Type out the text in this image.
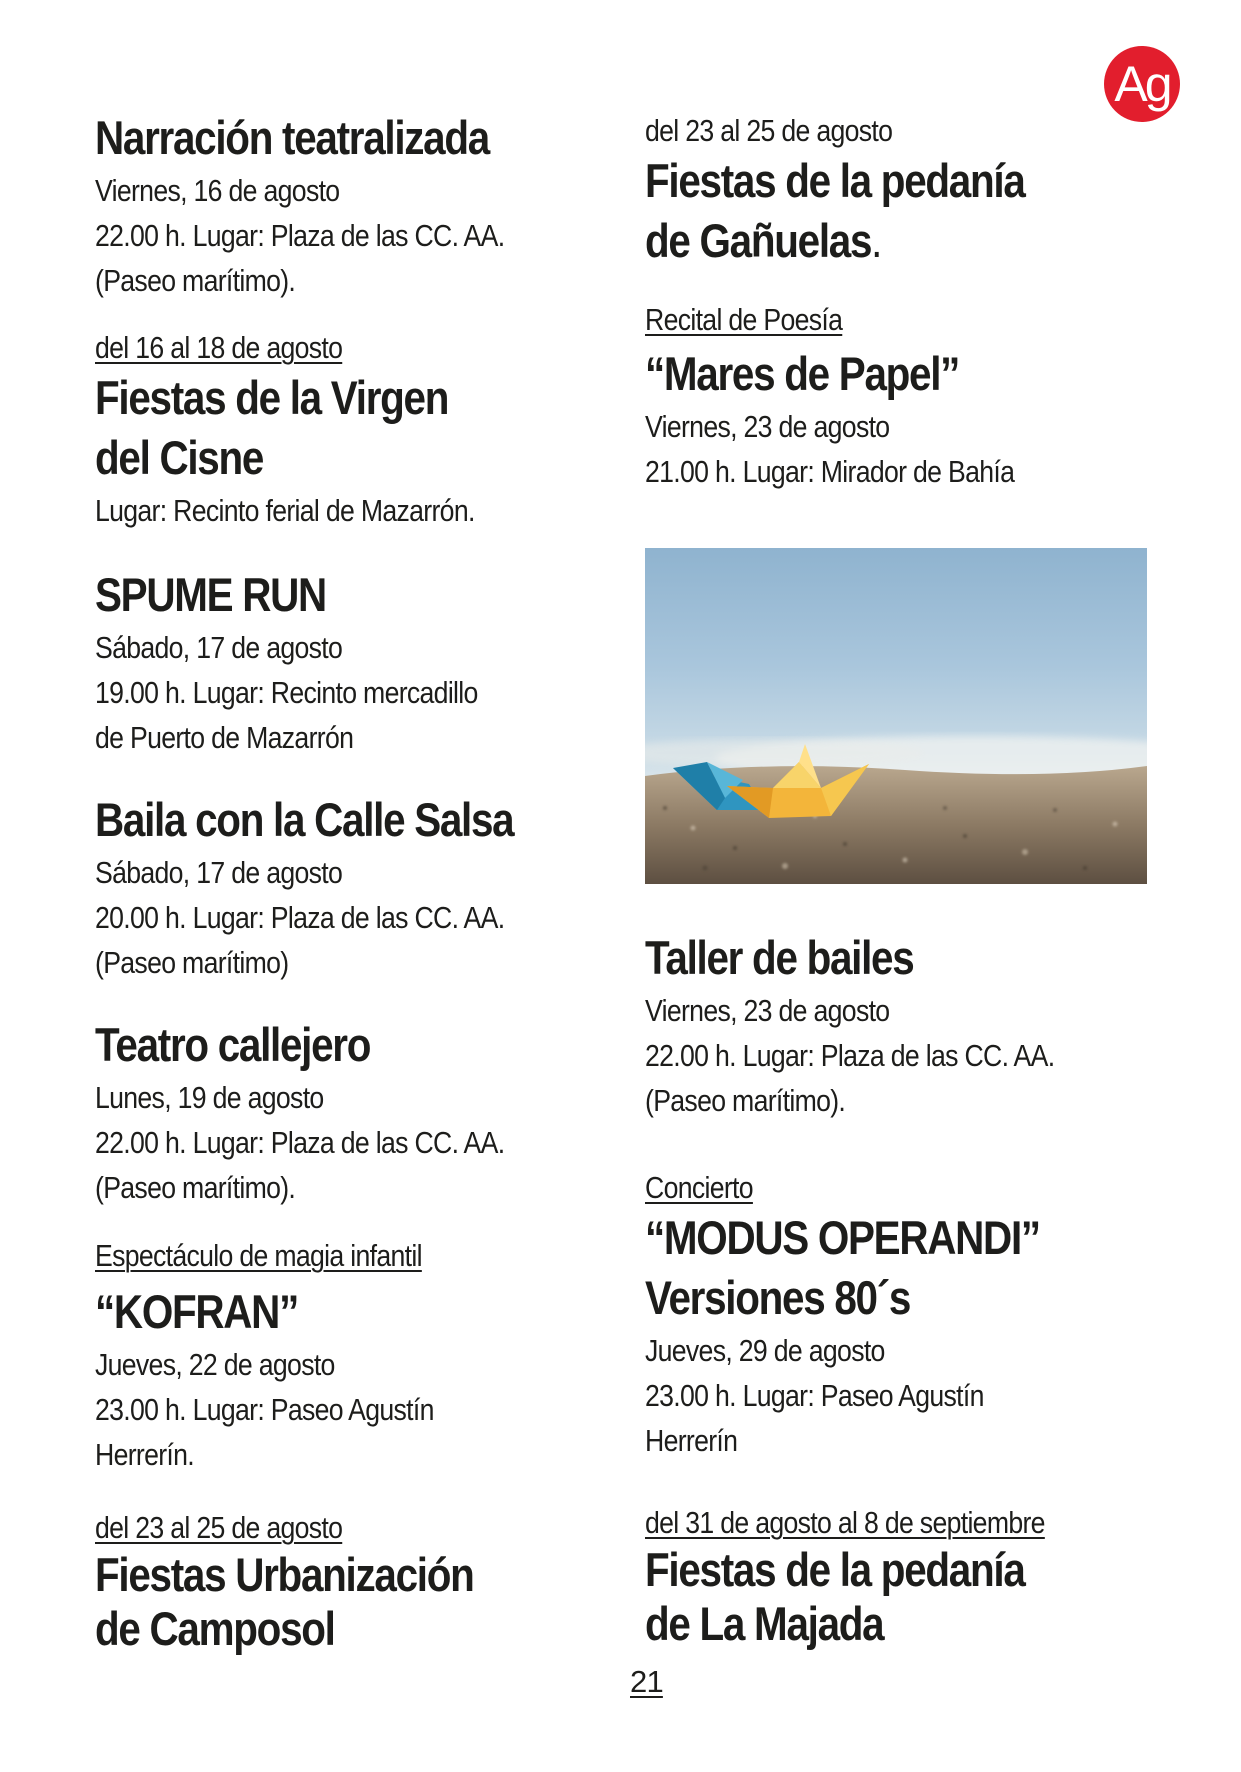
Ag
Narración teatralizada
Viernes, 16 de agosto
22.00 h. Lugar: Plaza de las CC. AA.
(Paseo marítimo).
del 16 al 18 de agosto
Fiestas de la Virgen
del Cisne
Lugar: Recinto ferial de Mazarrón.
SPUME RUN
Sábado, 17 de agosto
19.00 h. Lugar: Recinto mercadillo
de Puerto de Mazarrón
Baila con la Calle Salsa
Sábado, 17 de agosto
20.00 h. Lugar: Plaza de las CC. AA.
(Paseo marítimo)
Teatro callejero
Lunes, 19 de agosto
22.00 h. Lugar: Plaza de las CC. AA.
(Paseo marítimo).
Espectáculo de magia infantil
“KOFRAN”
Jueves, 22 de agosto
23.00 h. Lugar: Paseo Agustín
Herrerín.
del 23 al 25 de agosto
Fiestas Urbanización
de Camposol
del 23 al 25 de agosto
Fiestas de la pedanía
de Gañuelas.
Recital de Poesía
“Mares de Papel”
Viernes, 23 de agosto
21.00 h. Lugar: Mirador de Bahía
Taller de bailes
Viernes, 23 de agosto
22.00 h. Lugar: Plaza de las CC. AA.
(Paseo marítimo).
Concierto
“MODUS OPERANDI”
Versiones 80´s
Jueves, 29 de agosto
23.00 h. Lugar: Paseo Agustín
Herrerín
del 31 de agosto al 8 de septiembre
Fiestas de la pedanía
de La Majada
21
